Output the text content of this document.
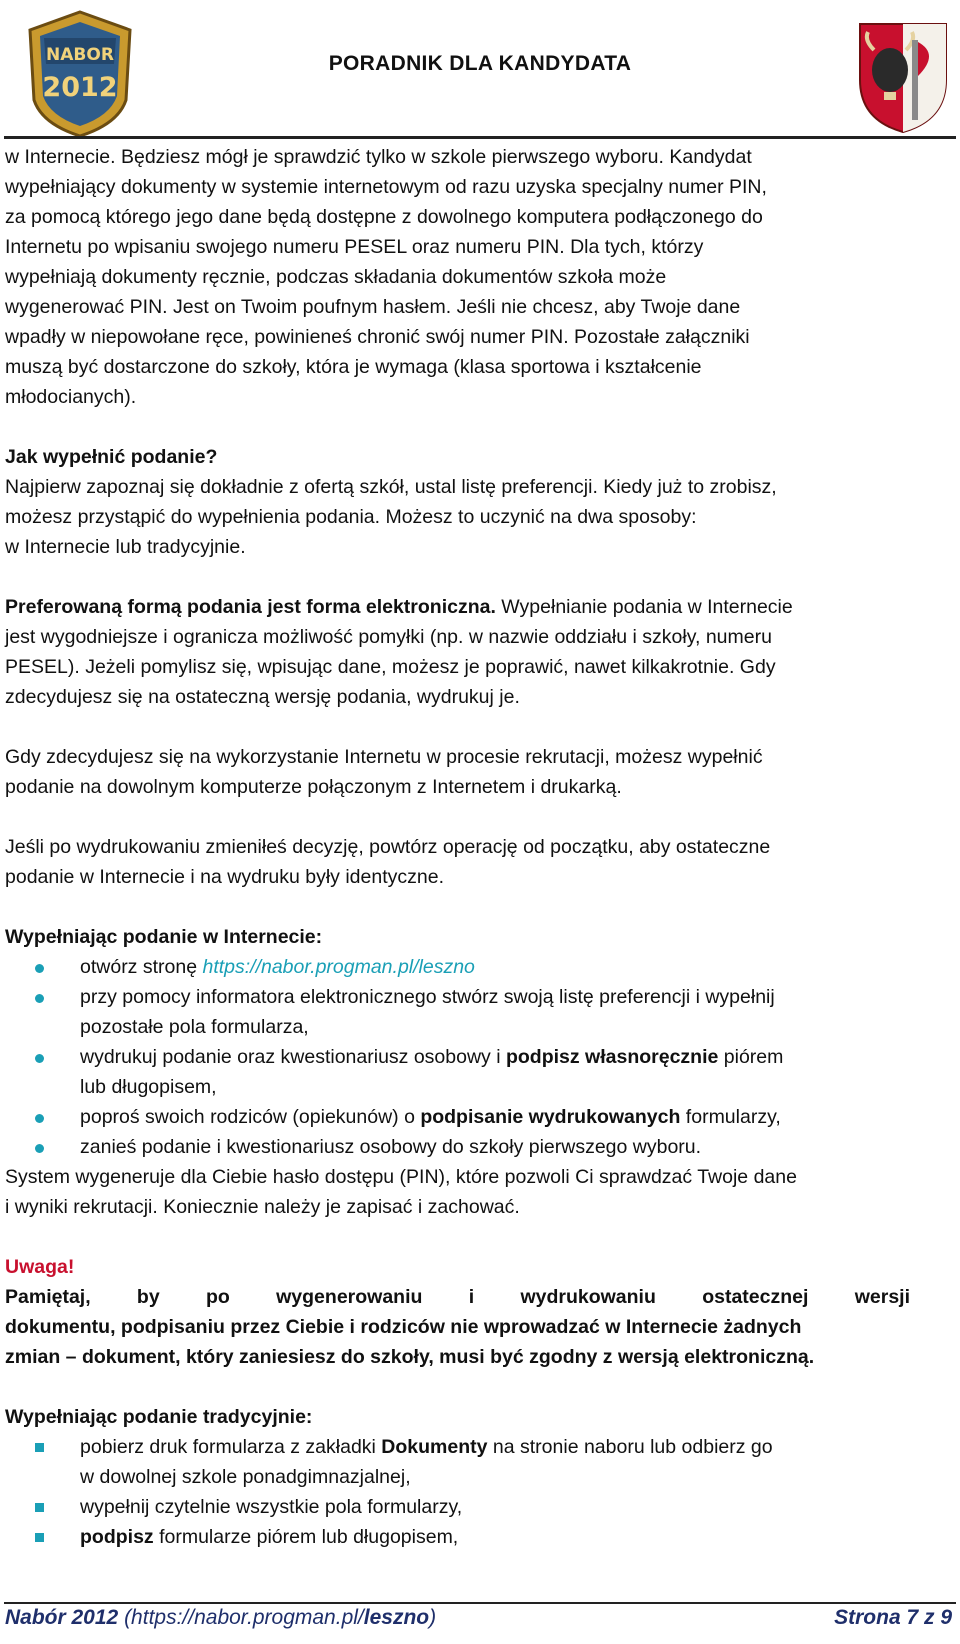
NABOR
2012
PORADNIK DLA KANDYDATA

w Internecie. Będziesz mógł je sprawdzić tylko w szkole pierwszego wyboru. Kandydat
wypełniający dokumenty w systemie internetowym od razu uzyska specjalny numer PIN,
za pomocą którego jego dane będą dostępne z dowolnego komputera podłączonego do
Internetu po wpisaniu swojego numeru PESEL oraz numeru PIN. Dla tych, którzy
wypełniają dokumenty ręcznie, podczas składania dokumentów szkoła może
wygenerować PIN. Jest on Twoim poufnym hasłem. Jeśli nie chcesz, aby Twoje dane
wpadły w niepowołane ręce, powinieneś chronić swój numer PIN. Pozostałe załączniki
muszą być dostarczone do szkoły, która je wymaga (klasa sportowa i kształcenie
młodocianych).

Jak wypełnić podanie?

Najpierw zapoznaj się dokładnie z ofertą szkół, ustal listę preferencji. Kiedy już to zrobisz,
możesz przystąpić do wypełnienia podania. Możesz to uczynić na dwa sposoby:
w Internecie lub tradycyjnie.

Preferowaną formą podania jest forma elektroniczna. Wypełnianie podania w Internecie
jest wygodniejsze i ogranicza możliwość pomyłki (np. w nazwie oddziału i szkoły, numeru
PESEL). Jeżeli pomylisz się, wpisując dane, możesz je poprawić, nawet kilkakrotnie. Gdy
zdecydujesz się na ostateczną wersję podania, wydrukuj je.

Gdy zdecydujesz się na wykorzystanie Internetu w procesie rekrutacji, możesz wypełnić
podanie na dowolnym komputerze połączonym z Internetem i drukarką.

Jeśli po wydrukowaniu zmieniłeś decyzję, powtórz operację od początku, aby ostateczne
podanie w Internecie i na wydruku były identyczne.

Wypełniając podanie w Internecie:

otwórz stronę https://nabor.progman.pl/leszno
przy pomocy informatora elektronicznego stwórz swoją listę preferencji i wypełnij
pozostałe pola formularza,
wydrukuj podanie oraz kwestionariusz osobowy i podpisz własnoręcznie piórem
lub długopisem,
poproś swoich rodziców (opiekunów) o podpisanie wydrukowanych formularzy,
zanieś podanie i kwestionariusz osobowy do szkoły pierwszego wyboru.

System wygeneruje dla Ciebie hasło dostępu (PIN), które pozwoli Ci sprawdzać Twoje dane
i wyniki rekrutacji. Koniecznie należy je zapisać i zachować.

Uwaga!

Pamiętaj, by po wygenerowaniu i wydrukowaniu ostatecznej wersji
dokumentu, podpisaniu przez Ciebie i rodziców nie wprowadzać w Internecie żadnych
zmian – dokument, który zaniesiesz do szkoły, musi być zgodny z wersją elektroniczną.

Wypełniając podanie tradycyjnie:

pobierz druk formularza z zakładki Dokumenty na stronie naboru lub odbierz go
w dowolnej szkole ponadgimnazjalnej,
wypełnij czytelnie wszystkie pola formularzy,
podpisz formularze piórem lub długopisem,
Nabór 2012 (https://nabor.progman.pl/leszno)	Strona 7 z 9
